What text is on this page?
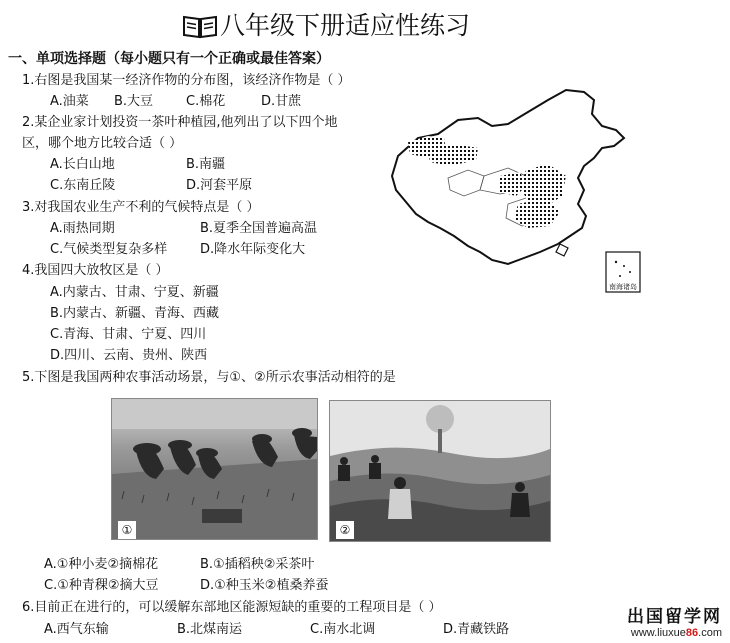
八年级下册适应性练习
一、单项选择题（每小题只有一个正确或最佳答案）
1.右图是我国某一经济作物的分布图，该经济作物是（ ）
A.油菜 B.大豆	C.棉花	D.甘蔗
2.某企业家计划投资一茶叶种植园,他列出了以下四个地
区，哪个地方比较合适（ ）
A.长白山地	B.南疆
C.东南丘陵	D.河套平原
3.对我国农业生产不利的气候特点是（ ）
A.雨热同期	B.夏季全国普遍高温
C.气候类型复杂多样	D.降水年际变化大
4.我国四大放牧区是（ ）
A.内蒙古、甘肃、宁夏、新疆
B.内蒙古、新疆、青海、西藏
C.青海、甘肃、宁夏、四川
D.四川、云南、贵州、陕西
5.下图是我国两种农事活动场景，与①、②所示农事活动相符的是
①	②
A.①种小麦②摘棉花	B.①插稻秧②采茶叶
C.①种青稞②摘大豆	D.①种玉米②植桑养蚕
6.目前正在进行的，可以缓解东部地区能源短缺的重要的工程项目是（ ）
A.西气东输	B.北煤南运	C.南水北调	D.青藏铁路
南海诸岛
出国留学网
www.liuxue86.com
